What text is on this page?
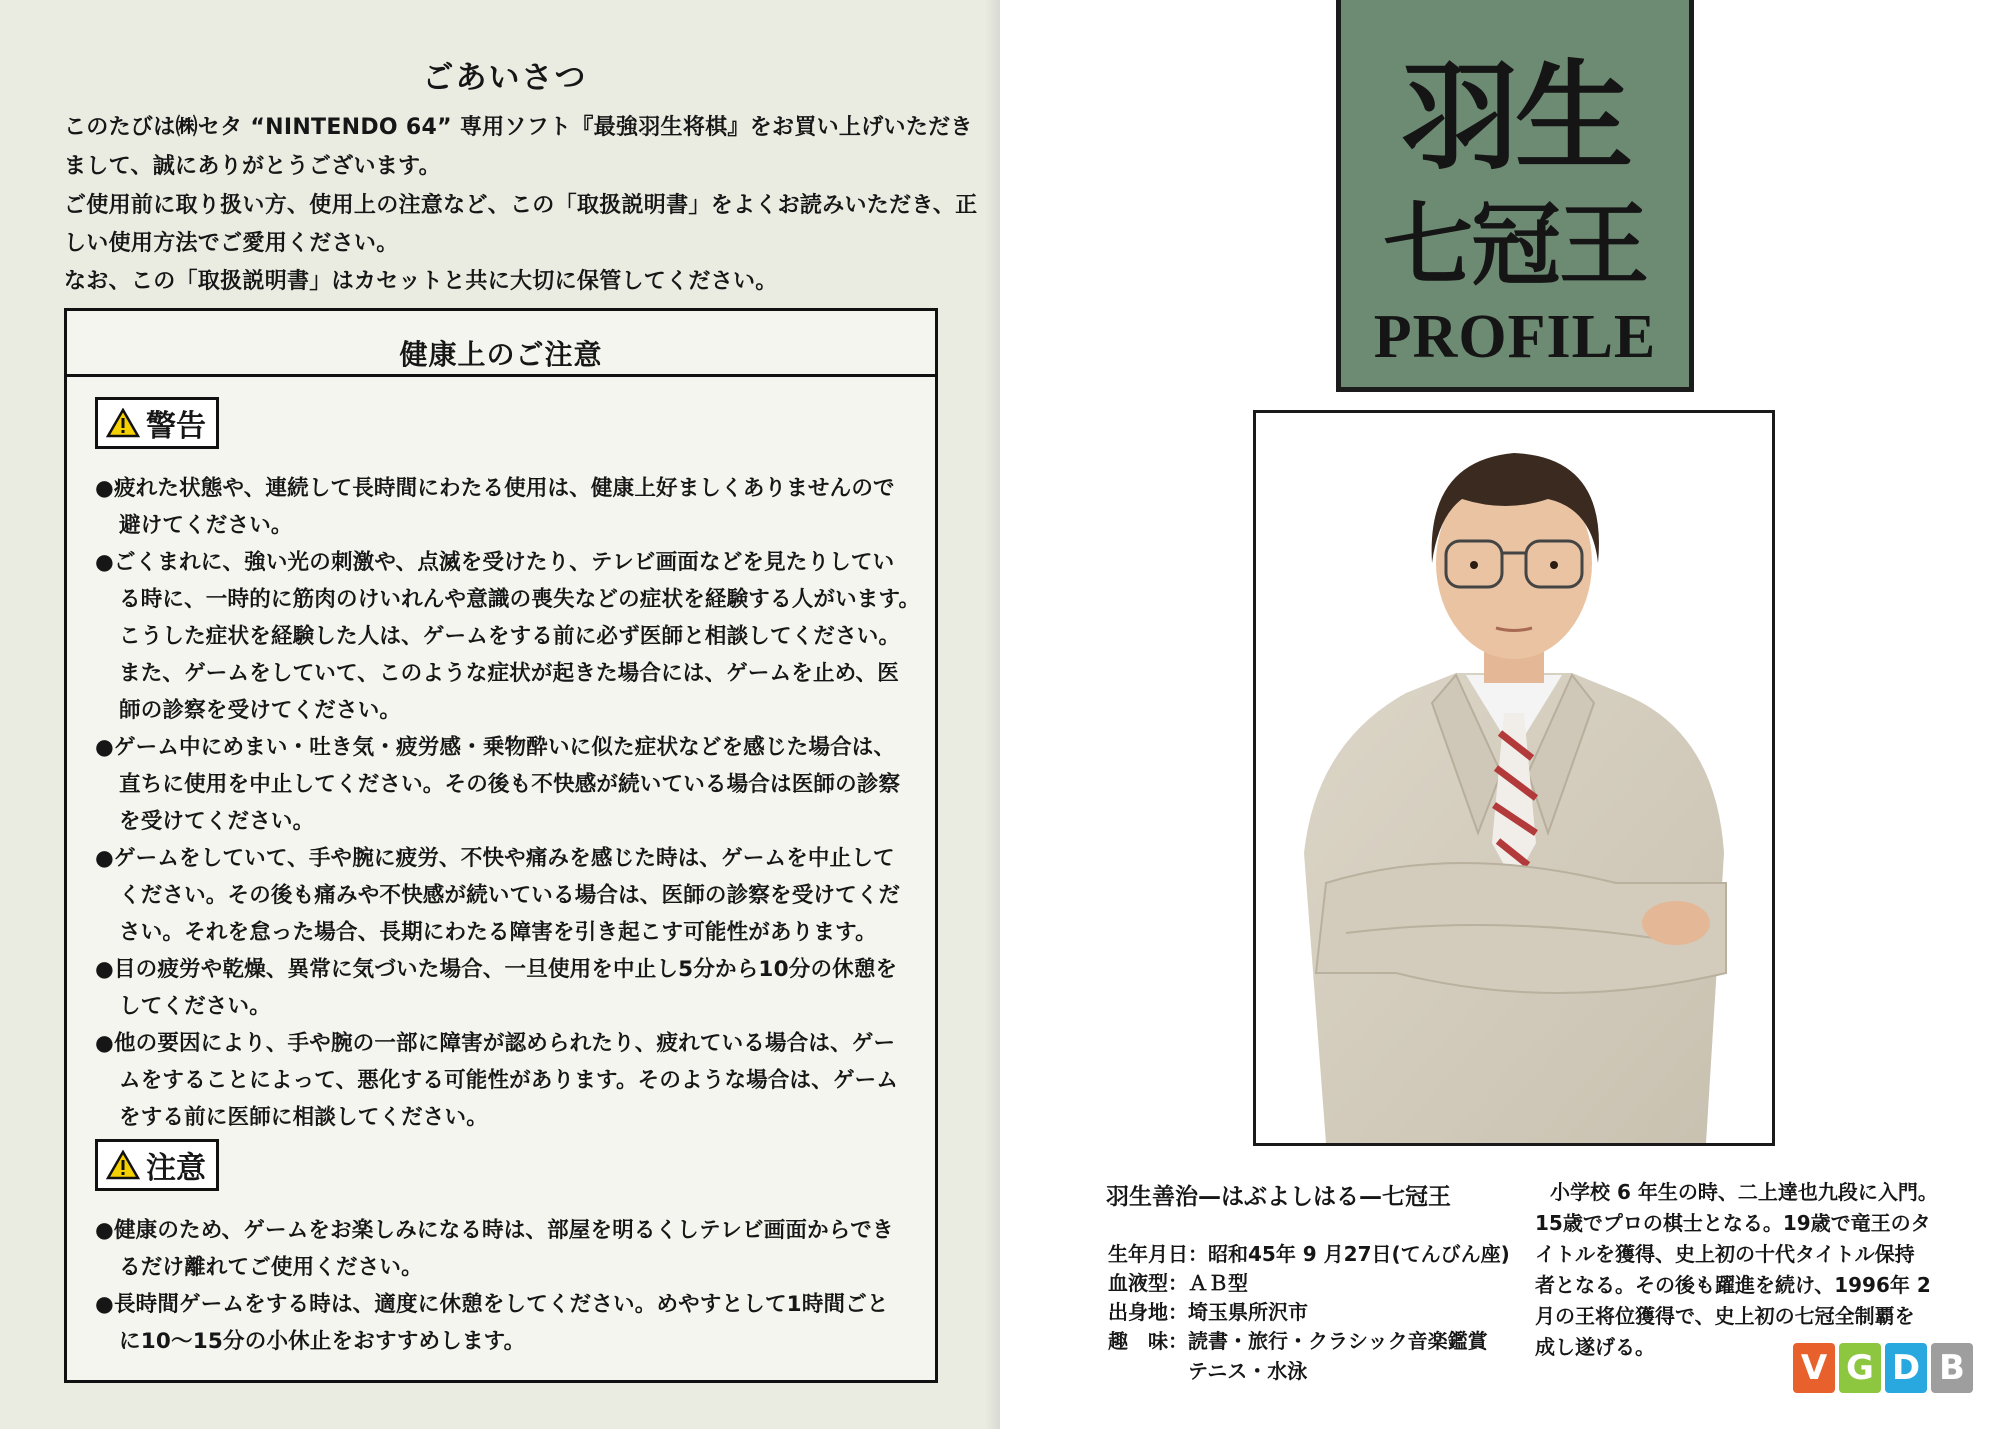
ごあいさつ
このたびは㈱セタ “NINTENDO 64” 専用ソフト『最強羽生将棋』をお買い上げいただき
まして、誠にありがとうございます。
ご使用前に取り扱い方、使用上の注意など、この「取扱説明書」をよくお読みいただき、正
しい使用方法でご愛用ください。
なお、この「取扱説明書」はカセットと共に大切に保管してください。
健康上のご注意
警告
●疲れた状態や、連続して長時間にわたる使用は、健康上好ましくありませんので
避けてください。
●ごくまれに、強い光の刺激や、点滅を受けたり、テレビ画面などを見たりしてい
る時に、一時的に筋肉のけいれんや意識の喪失などの症状を経験する人がいます。
こうした症状を経験した人は、ゲームをする前に必ず医師と相談してください。
また、ゲームをしていて、このような症状が起きた場合には、ゲームを止め、医
師の診察を受けてください。
●ゲーム中にめまい・吐き気・疲労感・乗物酔いに似た症状などを感じた場合は、
直ちに使用を中止してください。その後も不快感が続いている場合は医師の診察
を受けてください。
●ゲームをしていて、手や腕に疲労、不快や痛みを感じた時は、ゲームを中止して
ください。その後も痛みや不快感が続いている場合は、医師の診察を受けてくだ
さい。それを怠った場合、長期にわたる障害を引き起こす可能性があります。
●目の疲労や乾燥、異常に気づいた場合、一旦使用を中止し5分から10分の休憩を
してください。
●他の要因により、手や腕の一部に障害が認められたり、疲れている場合は、ゲー
ムをすることによって、悪化する可能性があります。そのような場合は、ゲーム
をする前に医師に相談してください。
注意
●健康のため、ゲームをお楽しみになる時は、部屋を明るくしテレビ画面からでき
るだけ離れてご使用ください。
●長時間ゲームをする時は、適度に休憩をしてください。めやすとして1時間ごと
に10〜15分の小休止をおすすめします。
羽生
七冠王
PROFILE
羽生善治—はぶよしはる—七冠王
生年月日：昭和45年 9 月27日(てんびん座)
血液型：ＡＢ型
出身地：埼玉県所沢市
趣　味：読書・旅行・クラシック音楽鑑賞
　　　　テニス・水泳
小学校 6 年生の時、二上達也九段に入門。
15歳でプロの棋士となる。19歳で竜王のタ
イトルを獲得、史上初の十代タイトル保持
者となる。その後も躍進を続け、1996年 2
月の王将位獲得で、史上初の七冠全制覇を
成し遂げる。
V G D B
